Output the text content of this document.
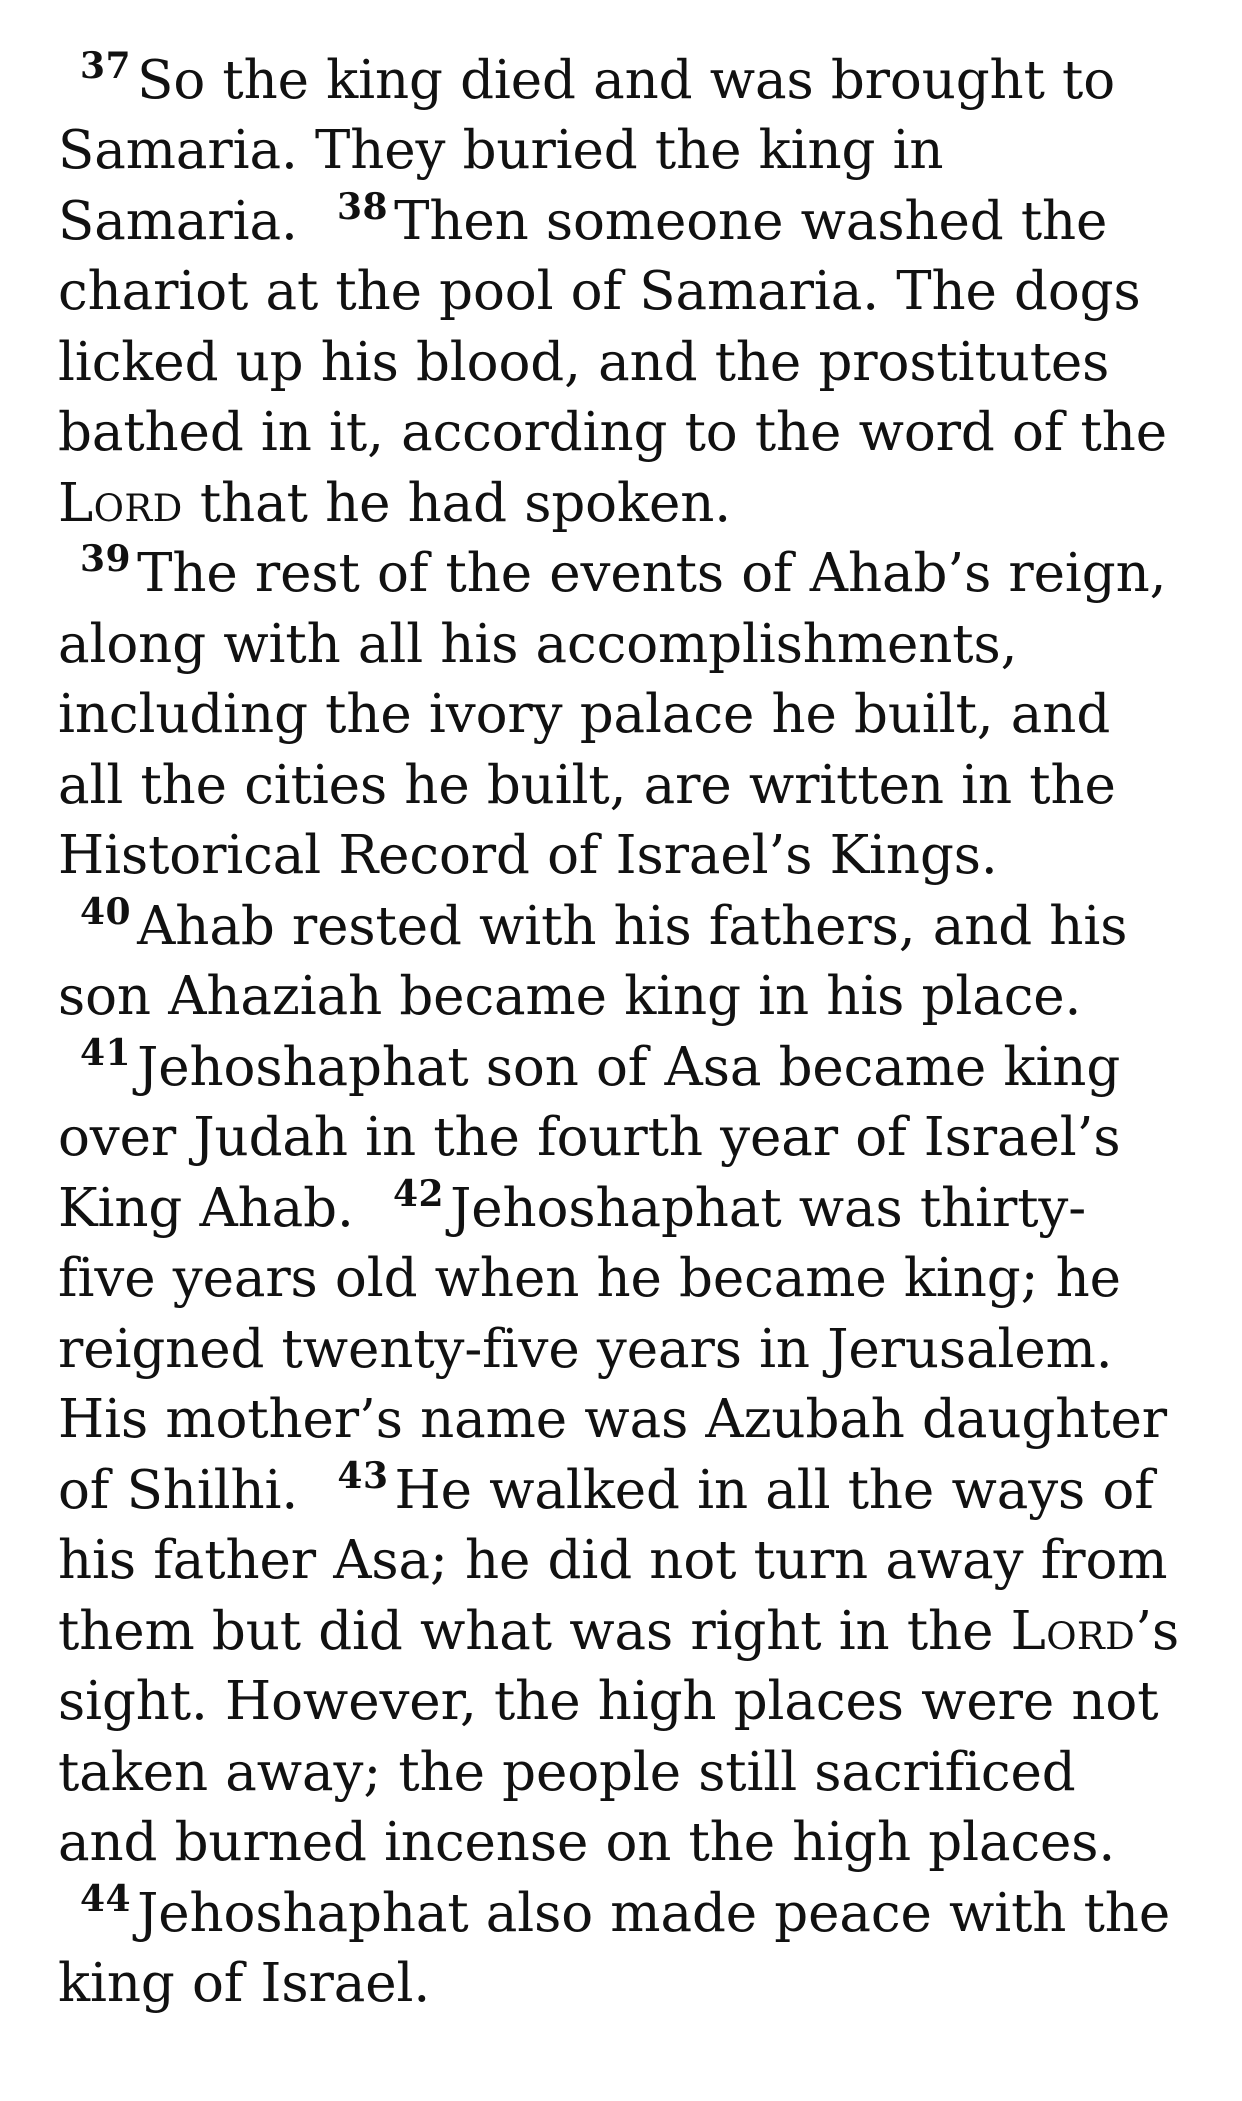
$^{37}$ So the king died and was brought to Samaria. They buried the king in Samaria. $^{38}$ Then someone washed the chariot at the pool of Samaria. The dogs licked up his blood, and the prostitutes bathed in it, according to the word of the Lord that he had spoken.
$^{39}$ The rest of the events of Ahab’s reign, along with all his accomplishments, including the ivory palace he built, and all the cities he built, are written in the Historical Record of Israel’s Kings. $^{40}$ Ahab rested with his fathers, and his son Ahaziah became king in his place.
$^{41}$ Jehoshaphat son of Asa became king over Judah in the fourth year of Israel’s King Ahab. $^{42}$ Jehoshaphat was thirty-five years old when he became king; he reigned twenty-five years in Jerusalem. His mother’s name was Azubah daughter of Shilhi. $^{43}$ He walked in all the ways of his father Asa; he did not turn away from them but did what was right in the Lord’s sight. However, the high places were not taken away; the people still sacrificed and burned incense on the high places. $^{44}$ Jehoshaphat also made peace with the king of Israel.
